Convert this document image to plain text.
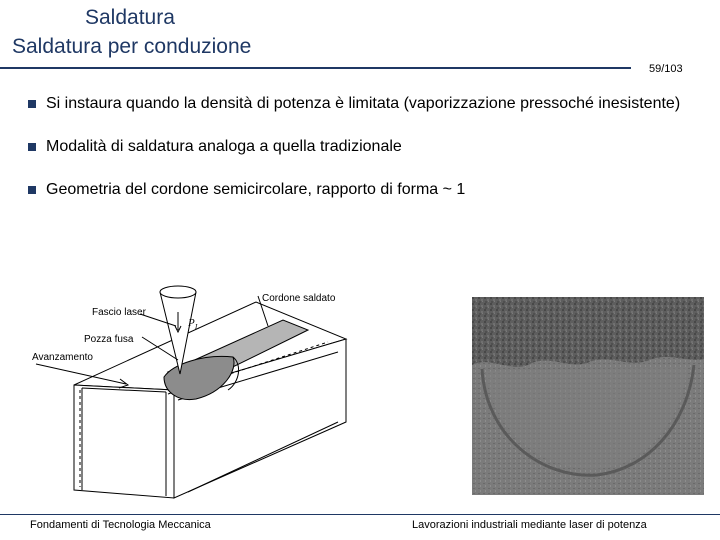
Saldatura
Saldatura per conduzione
59/103
Si instaura quando la densità di potenza è limitata (vaporizzazione pressoché inesistente)
Modalità di saldatura analoga a quella tradizionale
Geometria del cordone semicircolare, rapporto di forma ~ 1
P L
Cordone saldato
Fascio laser
Pozza fusa
Avanzamento
Fondamenti di Tecnologia Meccanica	Lavorazioni industriali mediante laser di potenza
